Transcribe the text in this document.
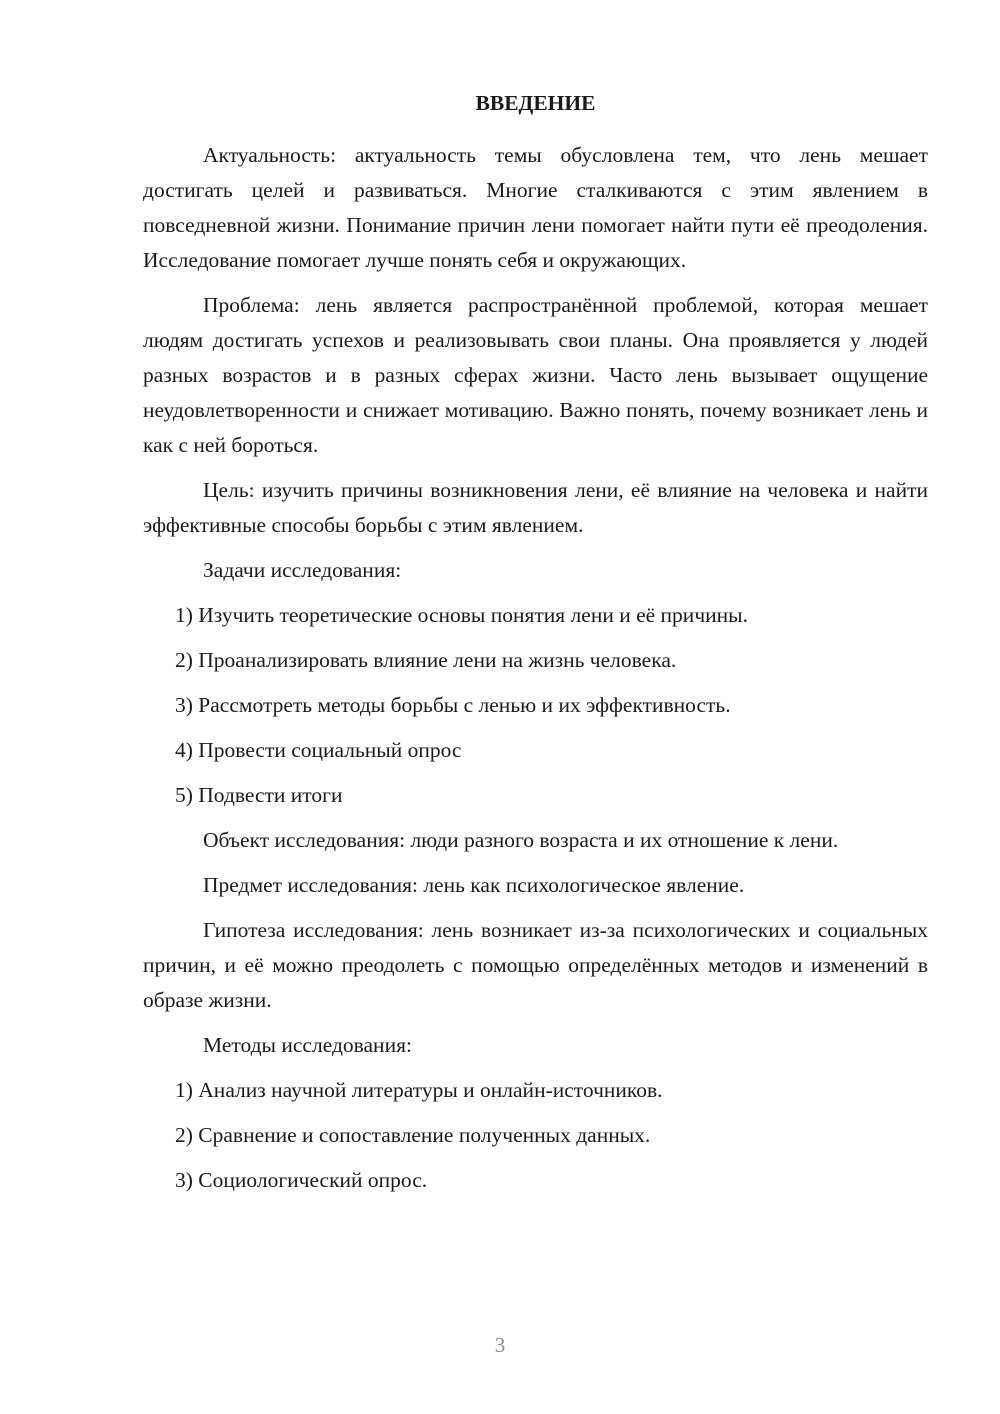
ВВЕДЕНИЕ

Актуальность: актуальность темы обусловлена тем, что лень мешает достигать целей и развиваться. Многие сталкиваются с этим явлением в повседневной жизни. Понимание причин лени помогает найти пути её преодоления. Исследование помогает лучше понять себя и окружающих.

Проблема: лень является распространённой проблемой, которая мешает людям достигать успехов и реализовывать свои планы. Она проявляется у людей разных возрастов и в разных сферах жизни. Часто лень вызывает ощущение неудовлетворенности и снижает мотивацию. Важно понять, почему возникает лень и как с ней бороться.

Цель: изучить причины возникновения лени, её влияние на человека и найти эффективные способы борьбы с этим явлением.

Задачи исследования:
1) Изучить теоретические основы понятия лени и её причины.
2) Проанализировать влияние лени на жизнь человека.
3) Рассмотреть методы борьбы с ленью и их эффективность.
4) Провести социальный опрос
5) Подвести итоги

Объект исследования: люди разного возраста и их отношение к лени.

Предмет исследования: лень как психологическое явление.

Гипотеза исследования: лень возникает из-за психологических и социальных причин, и её можно преодолеть с помощью определённых методов и изменений в образе жизни.

Методы исследования:
1) Анализ научной литературы и онлайн-источников.
2) Сравнение и сопоставление полученных данных.
3) Социологический опрос.
3
